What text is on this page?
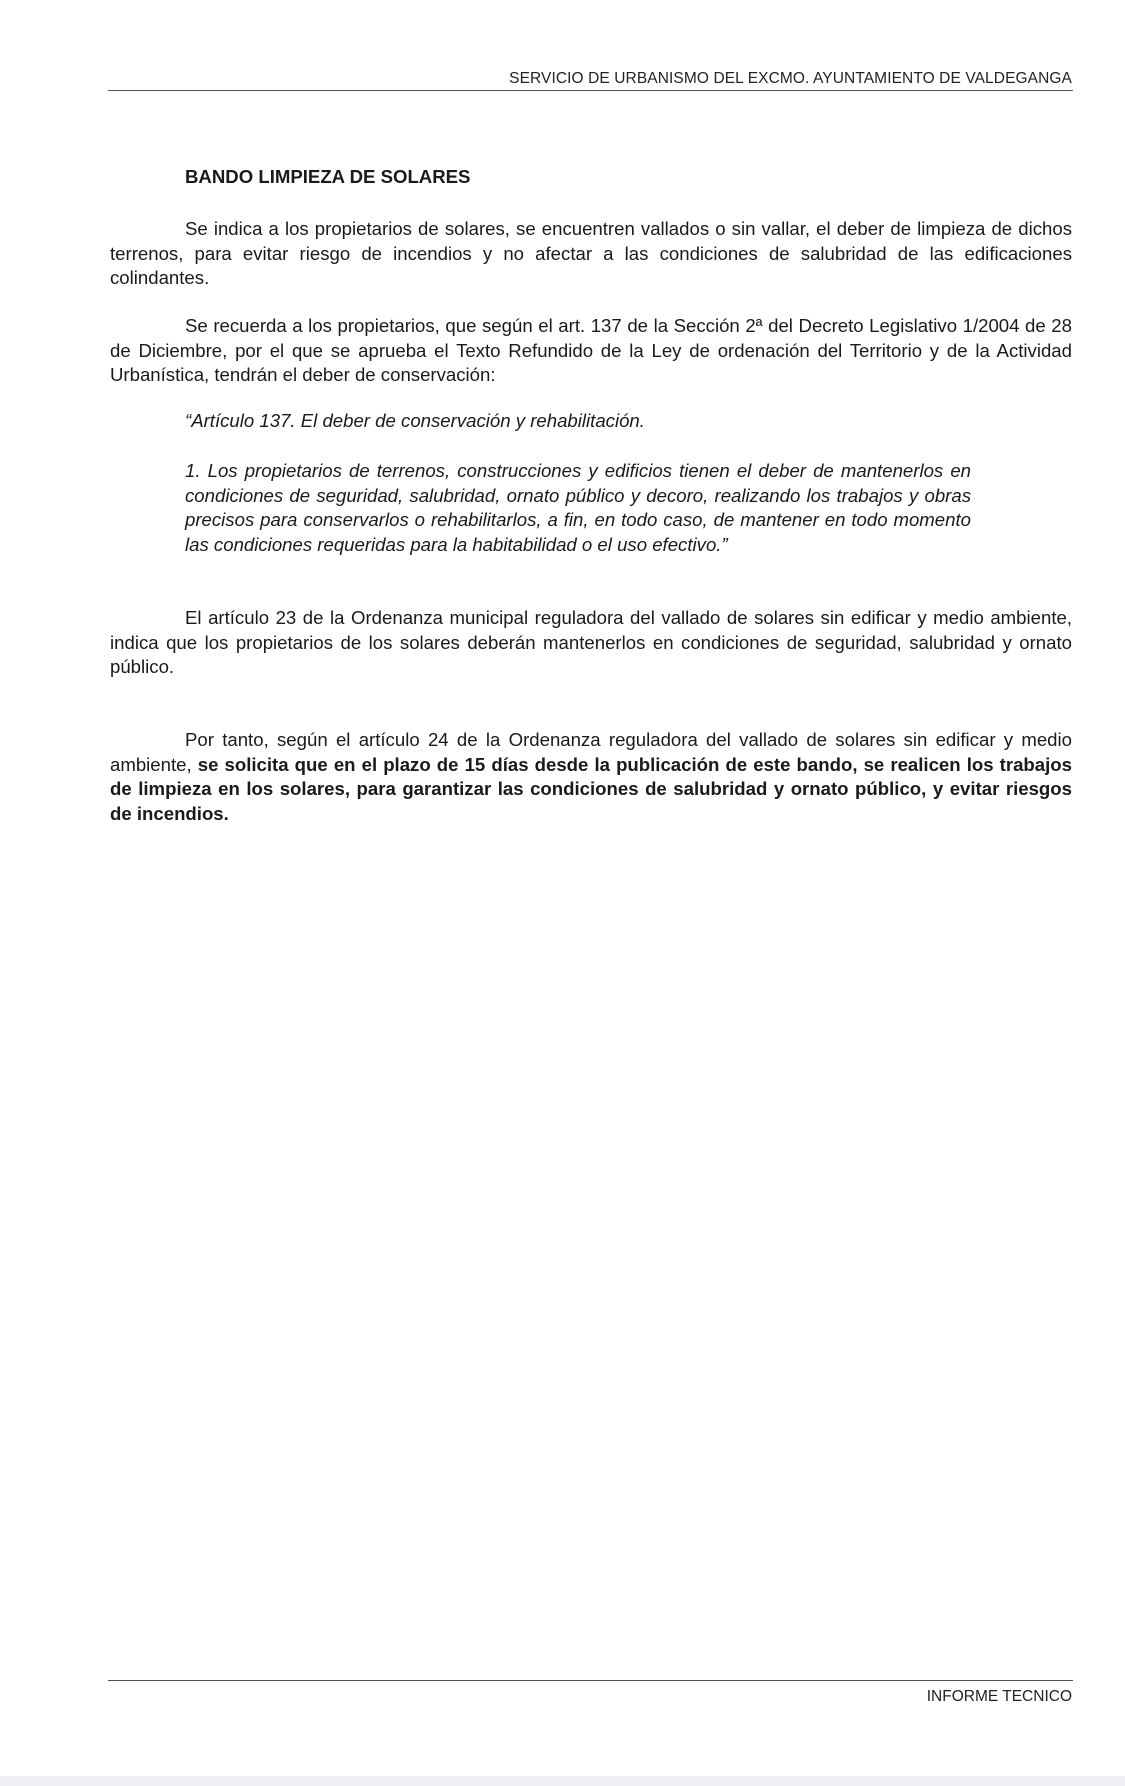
SERVICIO DE URBANISMO DEL EXCMO. AYUNTAMIENTO DE VALDEGANGA
BANDO LIMPIEZA DE SOLARES

Se indica a los propietarios de solares, se encuentren vallados o sin vallar, el deber de limpieza de dichos terrenos, para evitar riesgo de incendios y no afectar a las condiciones de salubridad de las edificaciones colindantes.

Se recuerda a los propietarios, que según el art. 137 de la Sección 2ª del Decreto Legislativo 1/2004 de 28 de Diciembre, por el que se aprueba el Texto Refundido de la Ley de ordenación del Territorio y de la Actividad Urbanística, tendrán el deber de conservación:

“Artículo 137. El deber de conservación y rehabilitación.

1. Los propietarios de terrenos, construcciones y edificios tienen el deber de mantenerlos en condiciones de seguridad, salubridad, ornato público y decoro, realizando los trabajos y obras precisos para conservarlos o rehabilitarlos, a fin, en todo caso, de mantener en todo momento las condiciones requeridas para la habitabilidad o el uso efectivo.”

El artículo 23 de la Ordenanza municipal reguladora del vallado de solares sin edificar y medio ambiente, indica que los propietarios de los solares deberán mantenerlos en condiciones de seguridad, salubridad y ornato público.

Por tanto, según el artículo 24 de la Ordenanza reguladora del vallado de solares sin edificar y medio ambiente, se solicita que en el plazo de 15 días desde la publicación de este bando, se realicen los trabajos de limpieza en los solares, para garantizar las condiciones de salubridad y ornato público, y evitar riesgos de incendios.

INFORME TECNICO
